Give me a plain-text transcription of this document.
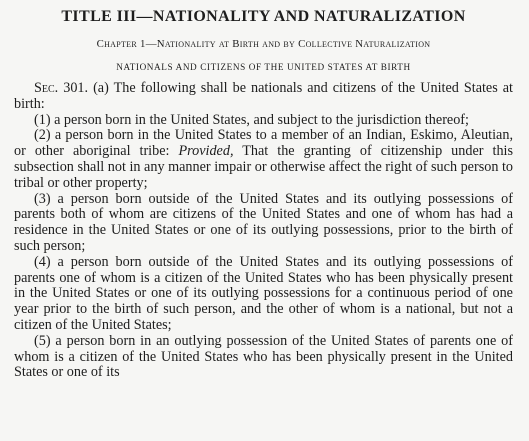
TITLE III—NATIONALITY AND NATURALIZATION
Chapter 1—Nationality at Birth and by Collective Naturalization
NATIONALS AND CITIZENS OF THE UNITED STATES AT BIRTH

Sec. 301. (a) The following shall be nationals and citizens of the United States at birth:

(1) a person born in the United States, and subject to the jurisdiction thereof;

(2) a person born in the United States to a member of an Indian, Eskimo, Aleutian, or other aboriginal tribe: Provided, That the granting of citizenship under this subsection shall not in any manner impair or otherwise affect the right of such person to tribal or other property;

(3) a person born outside of the United States and its outlying possessions of parents both of whom are citizens of the United States and one of whom has had a residence in the United States or one of its outlying possessions, prior to the birth of such person;

(4) a person born outside of the United States and its outlying possessions of parents one of whom is a citizen of the United States who has been physically present in the United States or one of its outlying possessions for a continuous period of one year prior to the birth of such person, and the other of whom is a national, but not a citizen of the United States;

(5) a person born in an outlying possession of the United States of parents one of whom is a citizen of the United States who has been physically present in the United States or one of its
